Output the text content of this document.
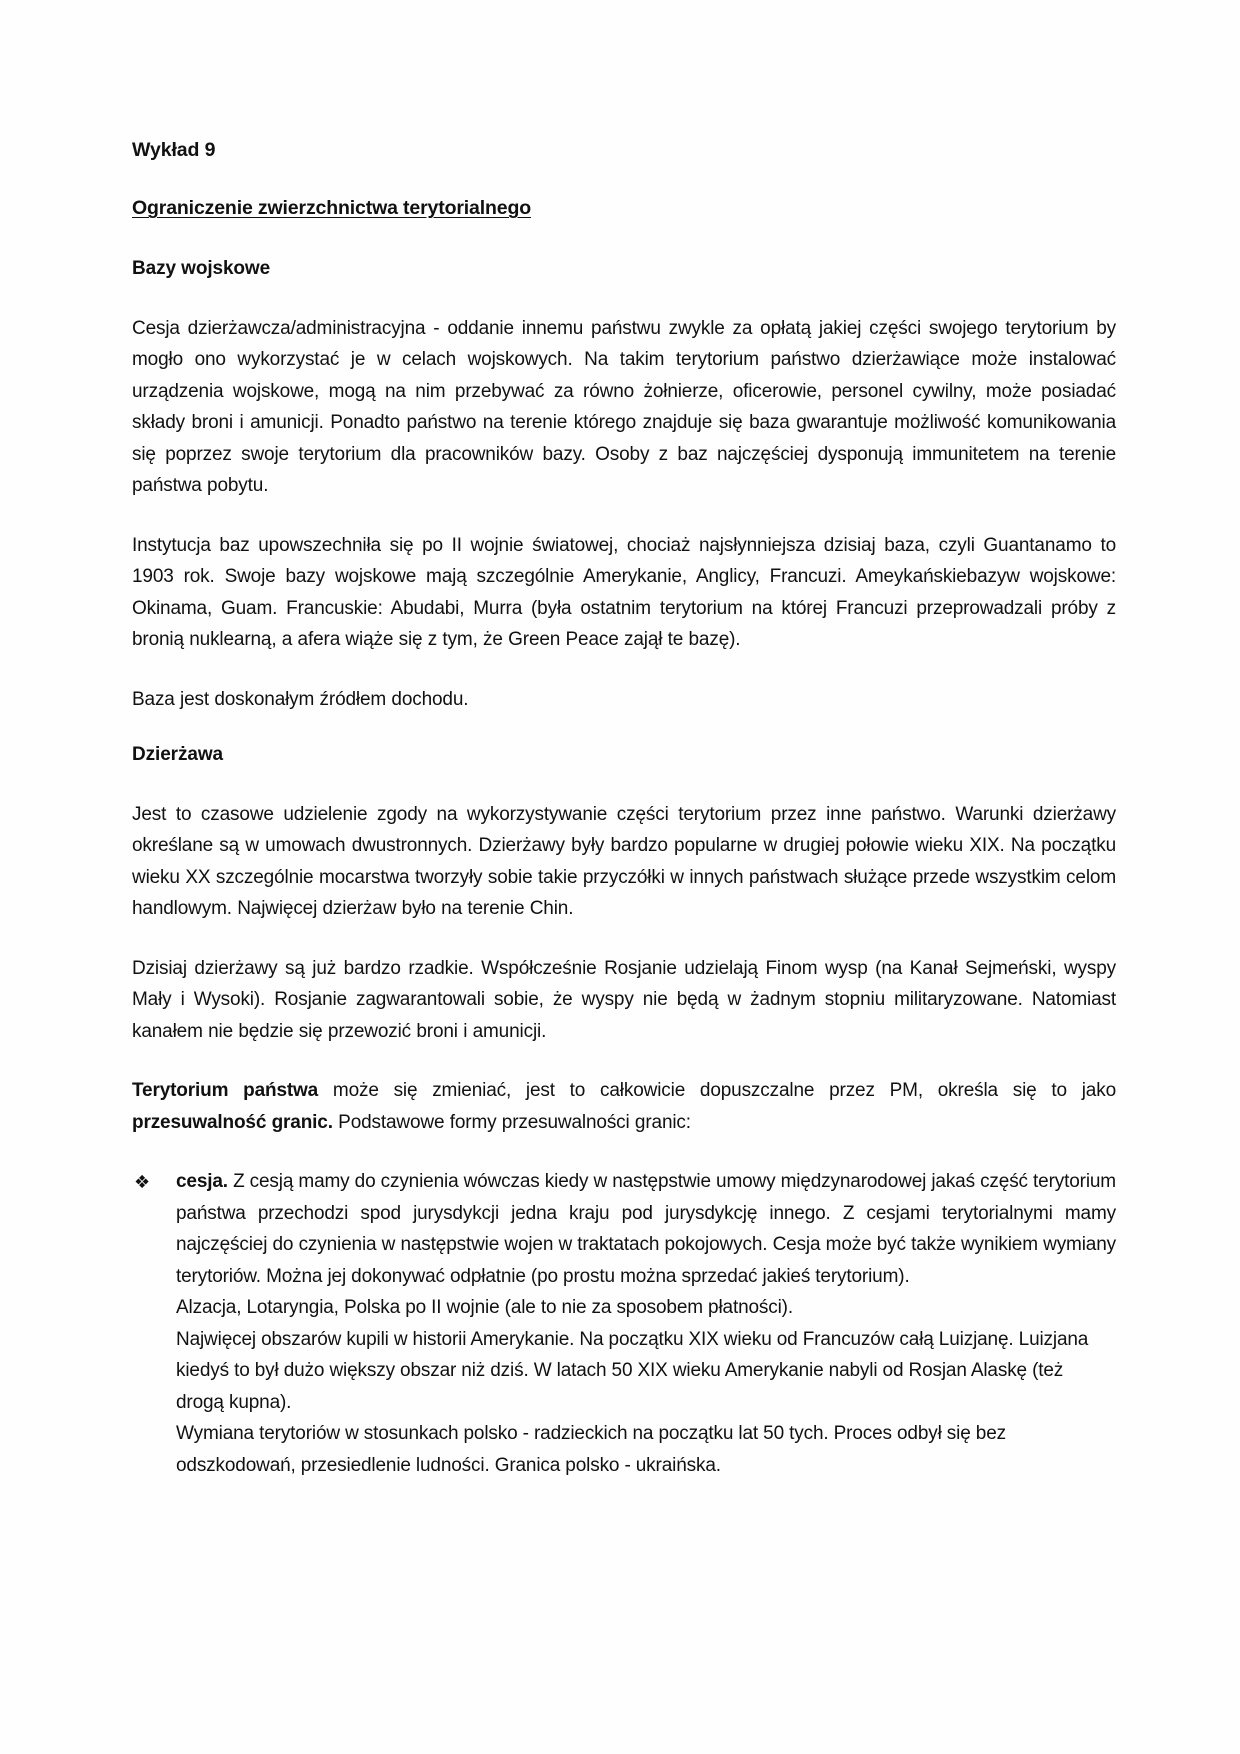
Wykład 9
Ograniczenie zwierzchnictwa terytorialnego
Bazy wojskowe

Cesja dzierżawcza/administracyjna - oddanie innemu państwu zwykle za opłatą jakiej części swojego terytorium by mogło ono wykorzystać je w celach wojskowych. Na takim terytorium państwo dzierżawiące może instalować urządzenia wojskowe, mogą na nim przebywać za równo żołnierze, oficerowie, personel cywilny, może posiadać składy broni i amunicji. Ponadto państwo na terenie którego znajduje się baza gwarantuje możliwość komunikowania się poprzez swoje terytorium dla pracowników bazy. Osoby z baz najczęściej dysponują immunitetem na terenie państwa pobytu.

Instytucja baz upowszechniła się po II wojnie światowej, chociaż najsłynniejsza dzisiaj baza, czyli Guantanamo to 1903 rok. Swoje bazy wojskowe mają szczególnie Amerykanie, Anglicy, Francuzi. Ameykańskiebazyw wojskowe: Okinama, Guam. Francuskie: Abudabi, Murra (była ostatnim terytorium na której Francuzi przeprowadzali próby z bronią nuklearną, a afera wiąże się z tym, że Green Peace zajął te bazę).

Baza jest doskonałym źródłem dochodu.

Dzierżawa

Jest to czasowe udzielenie zgody na wykorzystywanie części terytorium przez inne państwo. Warunki dzierżawy określane są w umowach dwustronnych. Dzierżawy były bardzo popularne w drugiej połowie wieku XIX. Na początku wieku XX szczególnie mocarstwa tworzyły sobie takie przyczółki w innych państwach służące przede wszystkim celom handlowym. Najwięcej dzierżaw było na terenie Chin.

Dzisiaj dzierżawy są już bardzo rzadkie. Współcześnie Rosjanie udzielają Finom wysp (na Kanał Sejmeński, wyspy Mały i Wysoki). Rosjanie zagwarantowali sobie, że wyspy nie będą w żadnym stopniu militaryzowane. Natomiast kanałem nie będzie się przewozić broni i amunicji.

Terytorium państwa może się zmieniać, jest to całkowicie dopuszczalne przez PM, określa się to jako przesuwalność granic. Podstawowe formy przesuwalności granic:

❖ cesja. Z cesją mamy do czynienia wówczas kiedy w następstwie umowy międzynarodowej jakaś część terytorium państwa przechodzi spod jurysdykcji jedna kraju pod jurysdykcję innego. Z cesjami terytorialnymi mamy najczęściej do czynienia w następstwie wojen w traktatach pokojowych. Cesja może być także wynikiem wymiany terytoriów. Można jej dokonywać odpłatnie (po prostu można sprzedać jakieś terytorium).

Alzacja, Lotaryngia, Polska po II wojnie (ale to nie za sposobem płatności).

Najwięcej obszarów kupili w historii Amerykanie. Na początku XIX wieku od Francuzów całą Luizjanę. Luizjana kiedyś to był dużo większy obszar niż dziś. W latach 50 XIX wieku Amerykanie nabyli od Rosjan Alaskę (też drogą kupna).

Wymiana terytoriów w stosunkach polsko - radzieckich na początku lat 50 tych. Proces odbył się bez odszkodowań, przesiedlenie ludności. Granica polsko - ukraińska.
